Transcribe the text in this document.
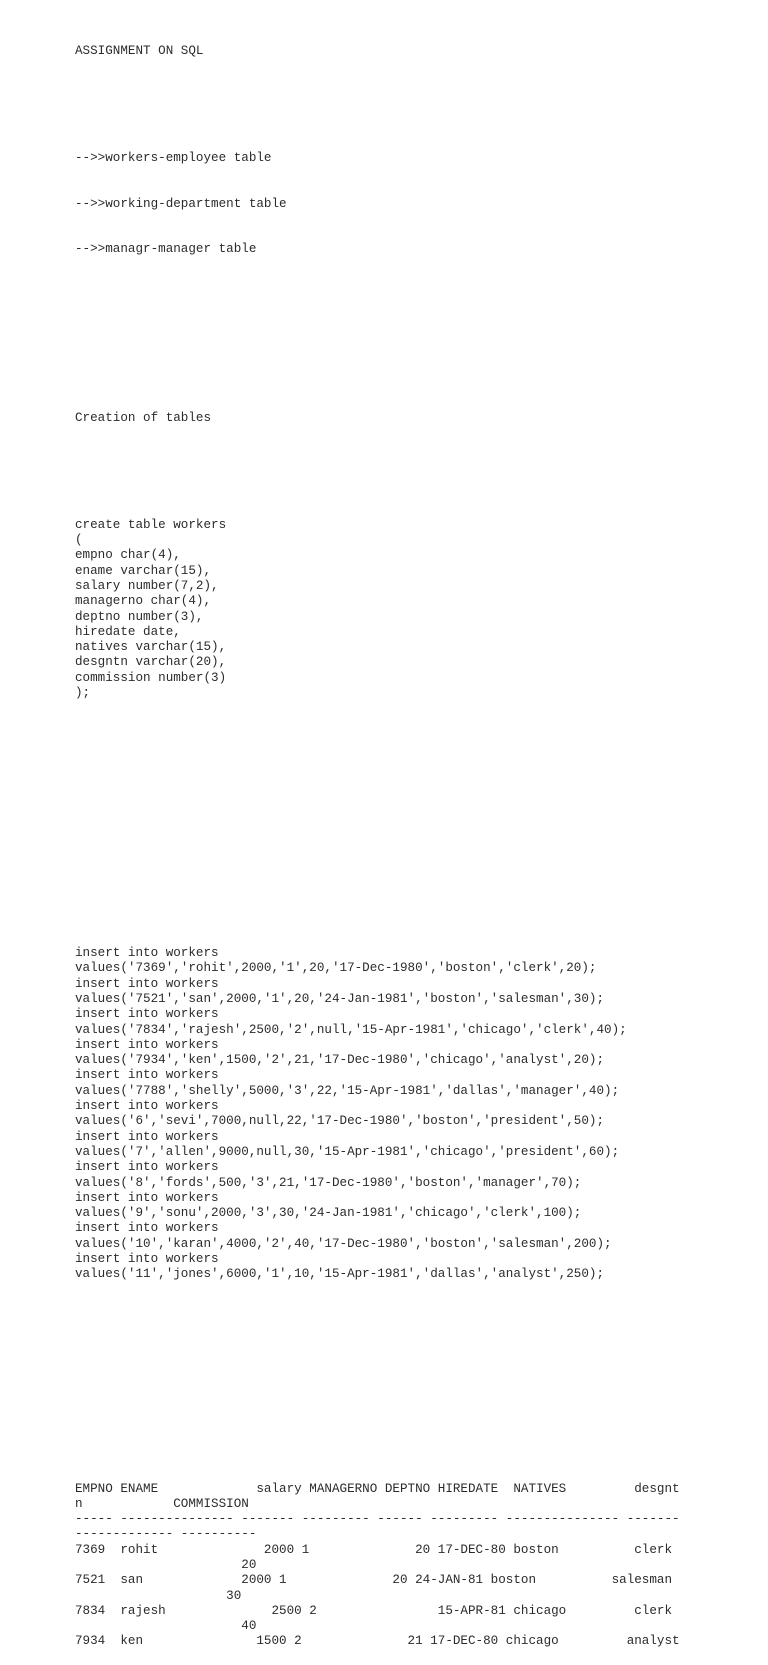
ASSIGNMENT ON SQL

-->>workers-employee table

-->>working-department table

-->>managr-manager table

Creation of tables

create table workers
(
empno char(4),
ename varchar(15),
salary number(7,2),
managerno char(4),
deptno number(3),
hiredate date,
natives varchar(15),
desgntn varchar(20),
commission number(3)
);

insert into workers
values('7369','rohit',2000,'1',20,'17-Dec-1980','boston','clerk',20);
insert into workers
values('7521','san',2000,'1',20,'24-Jan-1981','boston','salesman',30);
insert into workers
values('7834','rajesh',2500,'2',null,'15-Apr-1981','chicago','clerk',40);
insert into workers
values('7934','ken',1500,'2',21,'17-Dec-1980','chicago','analyst',20);
insert into workers
values('7788','shelly',5000,'3',22,'15-Apr-1981','dallas','manager',40);
insert into workers
values('6','sevi',7000,null,22,'17-Dec-1980','boston','president',50);
insert into workers
values('7','allen',9000,null,30,'15-Apr-1981','chicago','president',60);
insert into workers
values('8','fords',500,'3',21,'17-Dec-1980','boston','manager',70);
insert into workers
values('9','sonu',2000,'3',30,'24-Jan-1981','chicago','clerk',100);
insert into workers
values('10','karan',4000,'2',40,'17-Dec-1980','boston','salesman',200);
insert into workers
values('11','jones',6000,'1',10,'15-Apr-1981','dallas','analyst',250);

EMPNO ENAME             salary MANAGERNO DEPTNO HIREDATE  NATIVES         desgnt
n            COMMISSION
----- --------------- ------- --------- ------ --------- --------------- -------
------------- ----------
7369  rohit              2000 1              20 17-DEC-80 boston          clerk
20
7521  san             2000 1              20 24-JAN-81 boston          salesman
30
7834  rajesh              2500 2                15-APR-81 chicago         clerk
40
7934  ken               1500 2              21 17-DEC-80 chicago         analyst
